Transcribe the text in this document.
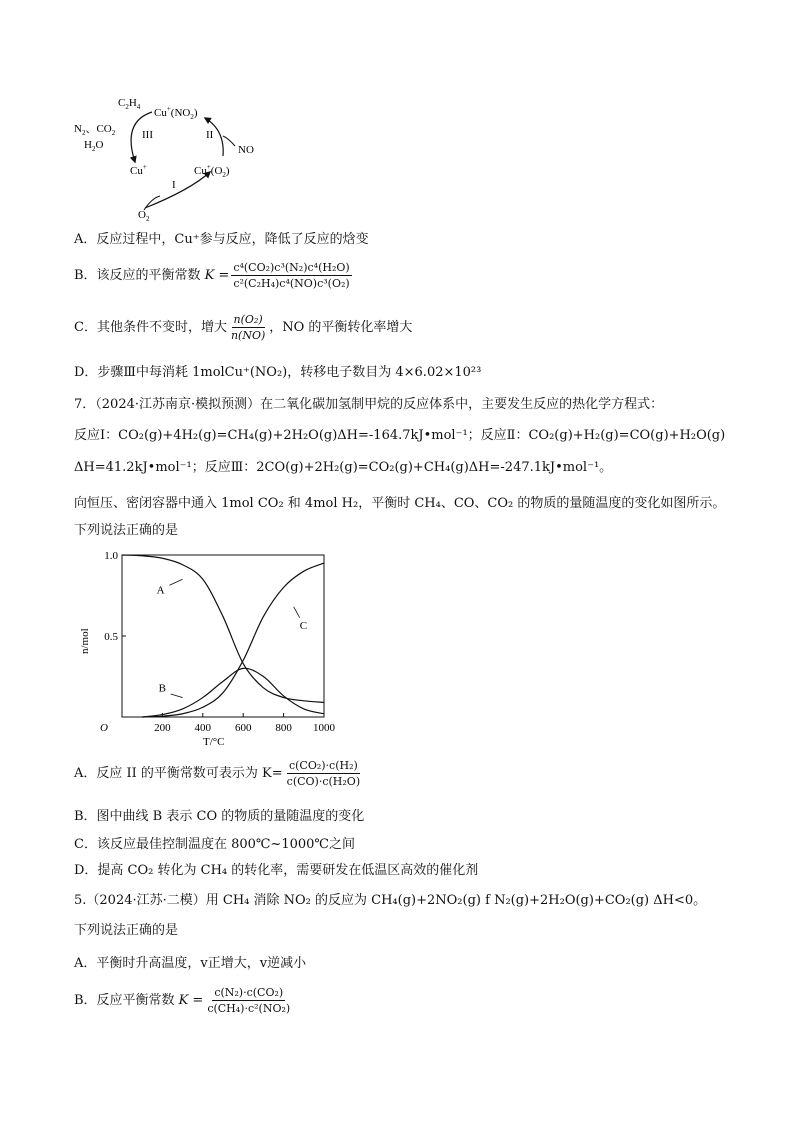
$C_2H_4$ $Cu^+(NO_2)$
$N_2$、$CO_2$
$H_2O$
III	II
NO
Cu+	$Cu^+(O_2)$
I
$O_2$
A．反应过程中，Cu⁺参与反应，降低了反应的焓变
B．该反应的平衡常数 $K = \frac{\text{c⁴(CO₂)c³(N₂)c⁴(H₂O)}}{\text{c²(C₂H₄)c⁴(NO)c³(O₂)}}$
C．其他条件不变时，增大 $\frac{\text{n(O₂)}}{n(NO)}$ ，NO 的平衡转化率增大
D．步骤Ⅲ中每消耗 1molCu⁺(NO₂)，转移电子数目为 4×6.02×10²³
7．（2024·江苏南京·模拟预测）在二氧化碳加氢制甲烷的反应体系中，主要发生反应的热化学方程式：
反应Ⅰ：CO₂(g)+4H₂(g)=CH₄(g)+2H₂O(g)ΔH=-164.7kJ•mol⁻¹；反应Ⅱ：CO₂(g)+H₂(g)=CO(g)+H₂O(g)
ΔH=41.2kJ•mol⁻¹；反应Ⅲ：2CO(g)+2H₂(g)=CO₂(g)+CH₄(g)ΔH=-247.1kJ•mol⁻¹。
向恒压、密闭容器中通入 1mol CO₂ 和 4mol H₂，平衡时 CH₄、CO、CO₂ 的物质的量随温度的变化如图所示。
下列说法正确的是
200 400 600 800 1000
0.5
1.0
O
T/°C
n/mol
A
B
C
A．反应 II 的平衡常数可表示为 $K= \frac{\text{c(CO₂)·c(H₂)}}{\text{c(CO)·c(H₂O)}}$
B．图中曲线 B 表示 CO 的物质的量随温度的变化
C．该反应最佳控制温度在 800℃~1000℃之间
D．提高 CO₂ 转化为 CH₄ 的转化率，需要研发在低温区高效的催化剂
5.（2024·江苏·二模）用 CH₄ 消除 NO₂ 的反应为 CH₄(g)+2NO₂(g) f N₂(g)+2H₂O(g)+CO₂(g) ΔH<0。
下列说法正确的是
A．平衡时升高温度，v正增大，v逆减小
B．反应平衡常数 $K = \frac{\text{c(N₂)·c(CO₂)}}{\text{c(CH₄)·c²(NO₂)}}$
